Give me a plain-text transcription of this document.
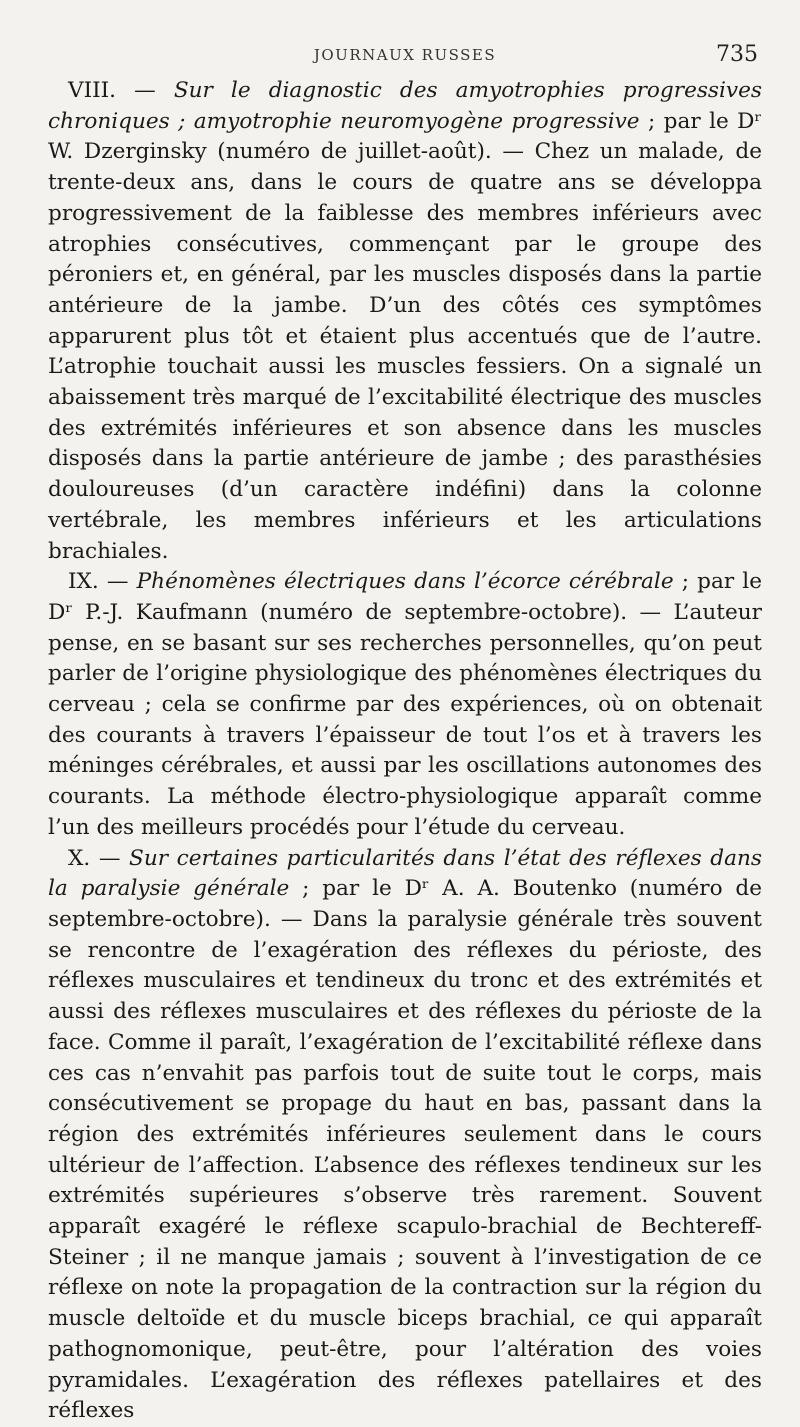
JOURNAUX RUSSES	735

VIII. — Sur le diagnostic des amyotrophies progressives chroniques ; amyotrophie neuromyogène progressive ; par le Dʳ W. Dzerginsky (numéro de juillet-août). — Chez un malade, de trente-deux ans, dans le cours de quatre ans se développa progressivement de la faiblesse des membres inférieurs avec atrophies consécutives, commençant par le groupe des péroniers et, en général, par les muscles disposés dans la partie antérieure de la jambe. D’un des côtés ces symptômes apparurent plus tôt et étaient plus accentués que de l’autre. L’atrophie touchait aussi les muscles fessiers. On a signalé un abaissement très marqué de l’excitabilité électrique des muscles des extrémités inférieures et son absence dans les muscles disposés dans la partie antérieure de jambe ; des parasthésies douloureuses (d’un caractère indéfini) dans la colonne vertébrale, les membres inférieurs et les articulations brachiales.

IX. — Phénomènes électriques dans l’écorce cérébrale ; par le Dʳ P.-J. Kaufmann (numéro de septembre-octobre). — L’auteur pense, en se basant sur ses recherches personnelles, qu’on peut parler de l’origine physiologique des phénomènes électriques du cerveau ; cela se confirme par des expériences, où on obtenait des courants à travers l’épaisseur de tout l’os et à travers les méninges cérébrales, et aussi par les oscillations autonomes des courants. La méthode électro-physiologique apparaît comme l’un des meilleurs procédés pour l’étude du cerveau.

X. — Sur certaines particularités dans l’état des réflexes dans la paralysie générale ; par le Dʳ A. A. Boutenko (numéro de septembre-octobre). — Dans la paralysie générale très souvent se rencontre de l’exagération des réflexes du périoste, des réflexes musculaires et tendineux du tronc et des extrémités et aussi des réflexes musculaires et des réflexes du périoste de la face. Comme il paraît, l’exagération de l’excitabilité réflexe dans ces cas n’envahit pas parfois tout de suite tout le corps, mais consécutivement se propage du haut en bas, passant dans la région des extrémités inférieures seulement dans le cours ultérieur de l’affection. L’absence des réflexes tendineux sur les extrémités supérieures s’observe très rarement. Souvent apparaît exagéré le réflexe scapulo-brachial de Bechtereff-Steiner ; il ne manque jamais ; souvent à l’investigation de ce réflexe on note la propagation de la contraction sur la région du muscle deltoïde et du muscle biceps brachial, ce qui apparaît pathognomonique, peut-être, pour l’altération des voies pyramidales. L’exagération des réflexes patellaires et des réflexes
